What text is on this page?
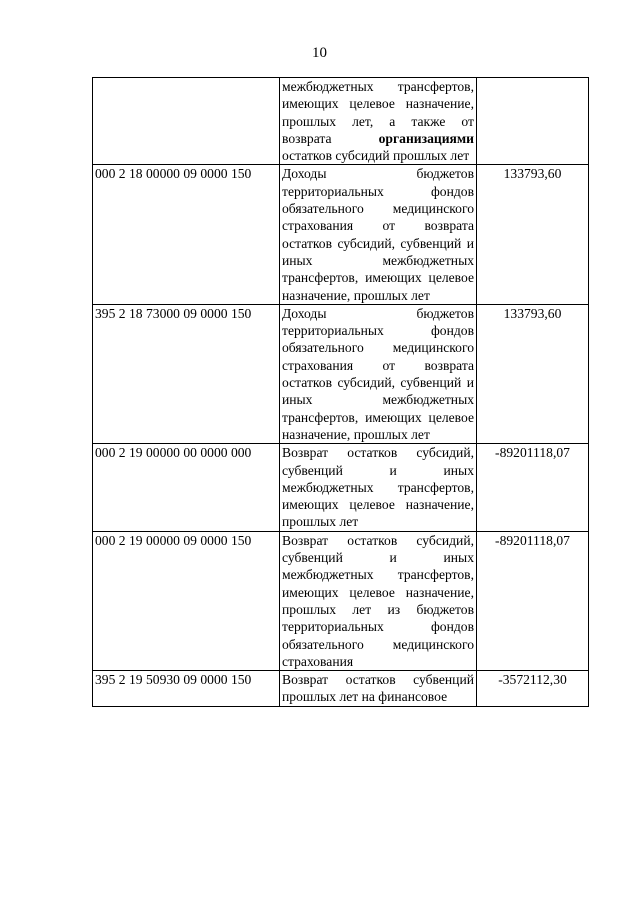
10
	межбюджетных трансфертов, имеющих целевое назначение, прошлых лет, а также от возврата организациями остатков субсидий прошлых лет	
000 2 18 00000 09 0000 150	Доходы бюджетов территориальных фондов обязательного медицинского страхования от возврата остатков субсидий, субвенций и иных межбюджетных трансфертов, имеющих целевое назначение, прошлых лет	133793,60
395 2 18 73000 09 0000 150	Доходы бюджетов территориальных фондов обязательного медицинского страхования от возврата остатков субсидий, субвенций и иных межбюджетных трансфертов, имеющих целевое назначение, прошлых лет	133793,60
000 2 19 00000 00 0000 000	Возврат остатков субсидий, субвенций и иных межбюджетных трансфертов, имеющих целевое назначение, прошлых лет	-89201118,07
000 2 19 00000 09 0000 150	Возврат остатков субсидий, субвенций и иных межбюджетных трансфертов, имеющих целевое назначение, прошлых лет из бюджетов территориальных фондов обязательного медицинского страхования	-89201118,07
395 2 19 50930 09 0000 150	Возврат остатков субвенций прошлых лет на финансовое	-3572112,30
